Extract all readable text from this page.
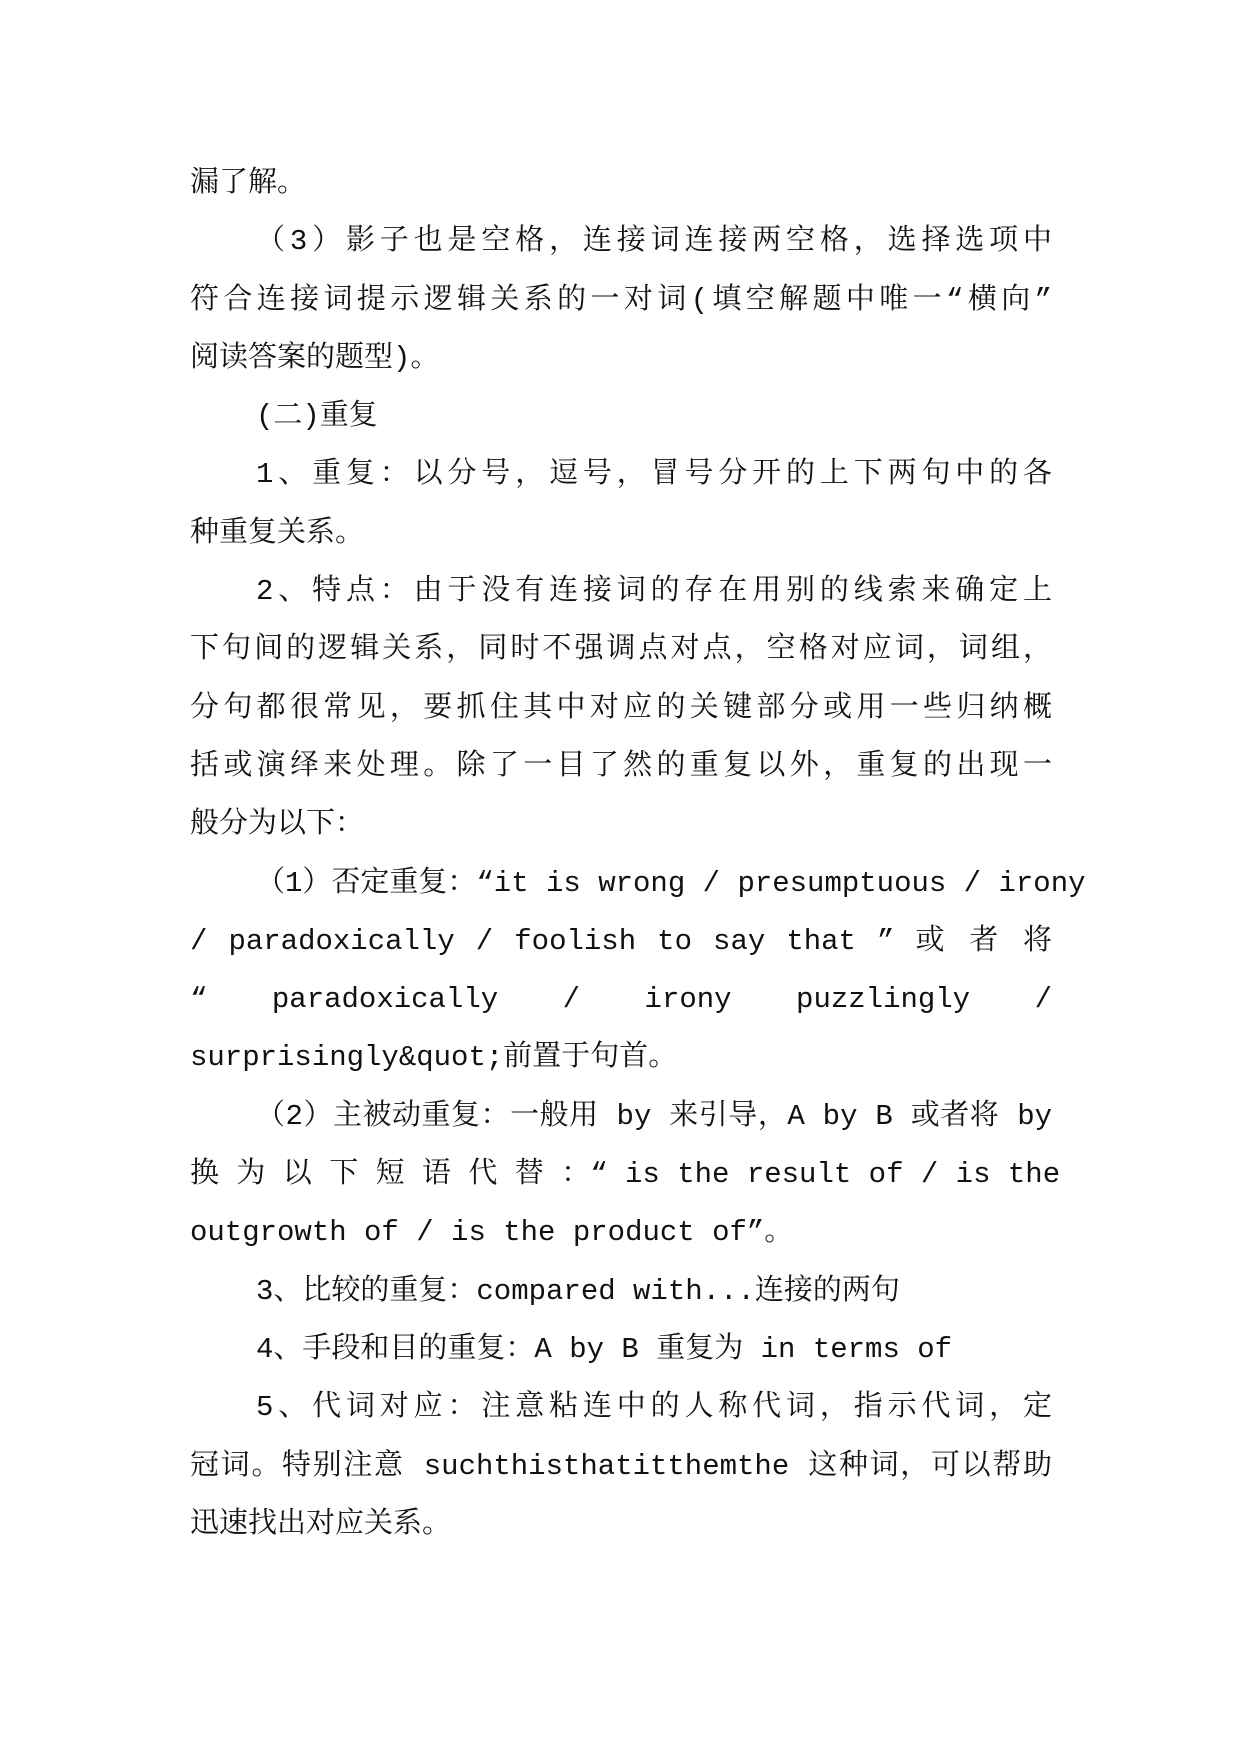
漏了解。
（3）影子也是空格，连接词连接两空格，选择选项中
符合连接词提示逻辑关系的一对词(填空解题中唯一“横向”
阅读答案的题型)。
(二)重复
1、重复：以分号，逗号，冒号分开的上下两句中的各
种重复关系。
2、特点：由于没有连接词的存在用别的线索来确定上
下句间的逻辑关系，同时不强调点对点，空格对应词，词组，
分句都很常见，要抓住其中对应的关键部分或用一些归纳概
括或演绎来处理。除了一目了然的重复以外，重复的出现一
般分为以下：
（1）否定重复：“it is wrong / presumptuous / irony
/ paradoxically / foolish to say that ” 或 者 将
“ paradoxically / irony puzzlingly /
surprisingly&quot;前置于句首。
（2）主被动重复：一般用 by 来引导，A by B 或者将 by
换 为 以 下 短 语 代 替 ：“ is the result of / is the
outgrowth of / is the product of”。
3、比较的重复：compared with...连接的两句
4、手段和目的重复：A by B 重复为 in terms of
5、代词对应：注意粘连中的人称代词，指示代词，定
冠词。特别注意 suchthisthatitthemthe 这种词，可以帮助
迅速找出对应关系。
